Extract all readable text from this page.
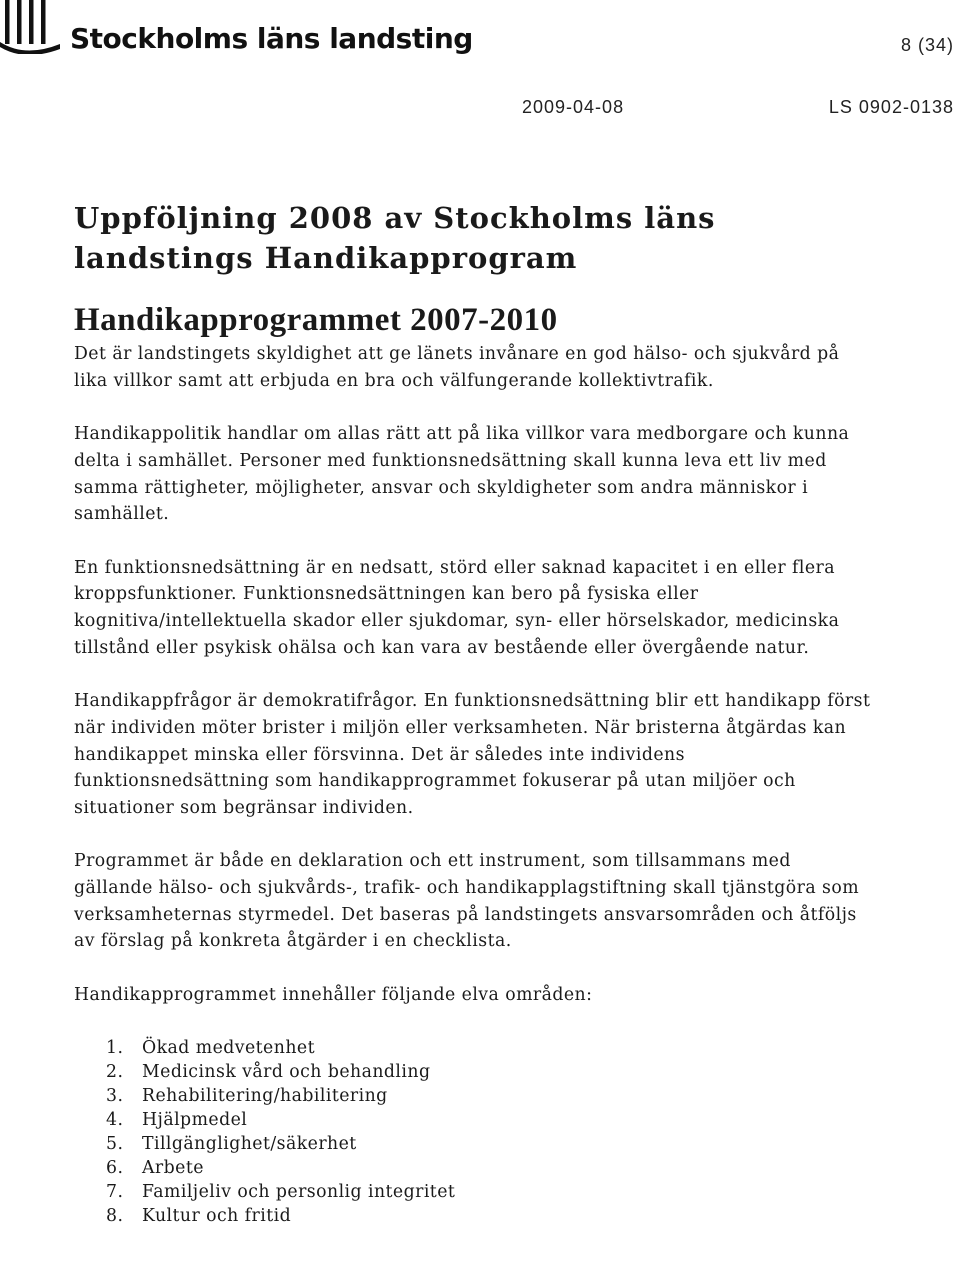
Stockholms läns landsting	8 (34)
2009-04-08	LS 0902-0138
Uppföljning 2008 av Stockholms läns landstings Handikapprogram
Handikapprogrammet 2007-2010

Det är landstingets skyldighet att ge länets invånare en god hälso- och sjukvård på lika villkor samt att erbjuda en bra och välfungerande kollektivtrafik.

Handikappolitik handlar om allas rätt att på lika villkor vara medborgare och kunna delta i samhället. Personer med funktionsnedsättning skall kunna leva ett liv med samma rättigheter, möjligheter, ansvar och skyldigheter som andra människor i samhället.

En funktionsnedsättning är en nedsatt, störd eller saknad kapacitet i en eller flera kroppsfunktioner. Funktionsnedsättningen kan bero på fysiska eller kognitiva/intellektuella skador eller sjukdomar, syn- eller hörselskador, medicinska tillstånd eller psykisk ohälsa och kan vara av bestående eller övergående natur.

Handikappfrågor är demokratifrågor. En funktionsnedsättning blir ett handikapp först när individen möter brister i miljön eller verksamheten. När bristerna åtgärdas kan handikappet minska eller försvinna. Det är således inte individens funktionsnedsättning som handikapprogrammet fokuserar på utan miljöer och situationer som begränsar individen.

Programmet är både en deklaration och ett instrument, som tillsammans med gällande hälso- och sjukvårds-, trafik- och handikapplagstiftning skall tjänstgöra som verksamheternas styrmedel. Det baseras på landstingets ansvarsområden och åtföljs av förslag på konkreta åtgärder i en checklista.

Handikapprogrammet innehåller följande elva områden:

1.	Ökad medvetenhet
2.	Medicinsk vård och behandling
3.	Rehabilitering/habilitering
4.	Hjälpmedel
5.	Tillgänglighet/säkerhet
6.	Arbete
7.	Familjeliv och personlig integritet
8.	Kultur och fritid
